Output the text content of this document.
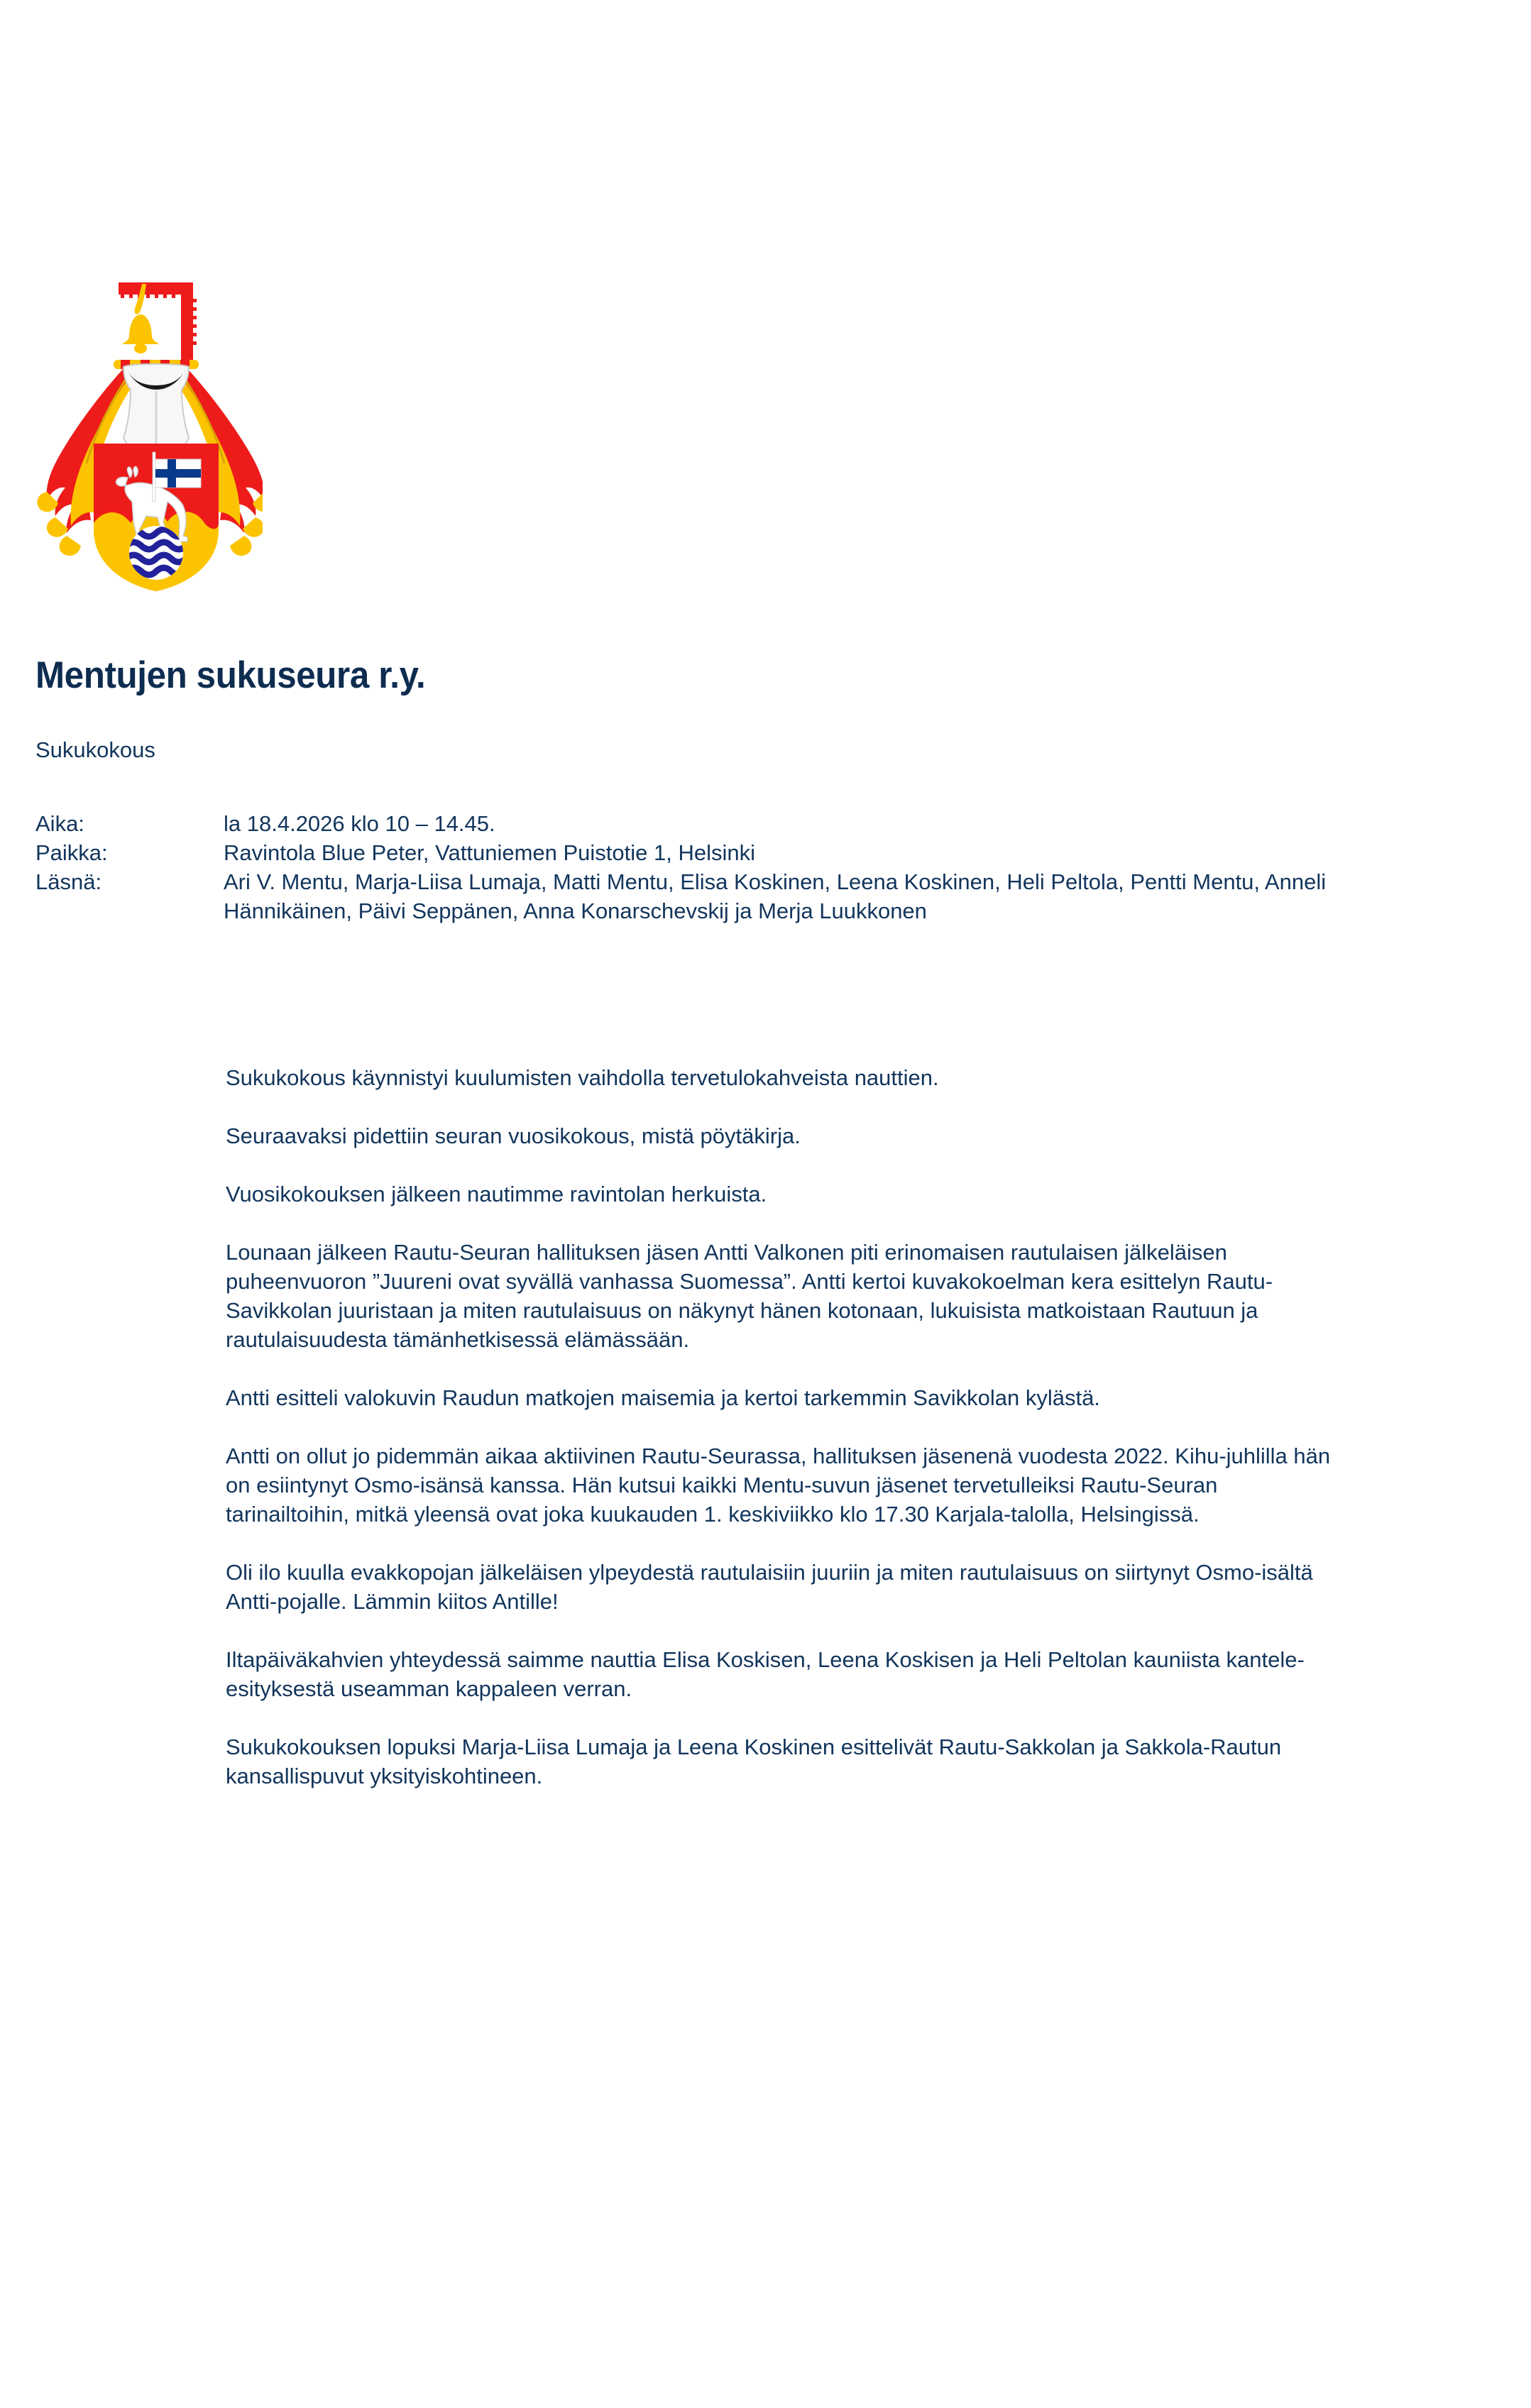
Mentujen sukuseura r.y.
Sukukokous
Aika:	la 18.4.2026 klo 10 – 14.45.
Paikka:	Ravintola Blue Peter, Vattuniemen Puistotie 1, Helsinki
Läsnä:	Ari V. Mentu, Marja-Liisa Lumaja, Matti Mentu, Elisa Koskinen, Leena Koskinen, Heli Peltola, Pentti Mentu, Anneli Hännikäinen, Päivi Seppänen, Anna Konarschevskij ja Merja Luukkonen

Sukukokous käynnistyi kuulumisten vaihdolla tervetulokahveista nauttien.

Seuraavaksi pidettiin seuran vuosikokous, mistä pöytäkirja.

Vuosikokouksen jälkeen nautimme ravintolan herkuista.

Lounaan jälkeen Rautu-Seuran hallituksen jäsen Antti Valkonen piti erinomaisen rautulaisen jälkeläisen puheenvuoron ”Juureni ovat syvällä vanhassa Suomessa”. Antti kertoi kuvakokoelman kera esittelyn Rautu-Savikkolan juuristaan ja miten rautulaisuus on näkynyt hänen kotonaan, lukuisista matkoistaan Rautuun ja rautulaisuudesta tämänhetkisessä elämässään.

Antti esitteli valokuvin Raudun matkojen maisemia ja kertoi tarkemmin Savikkolan kylästä.

Antti on ollut jo pidemmän aikaa aktiivinen Rautu-Seurassa, hallituksen jäsenenä vuodesta 2022. Kihu-juhlilla hän on esiintynyt Osmo-isänsä kanssa. Hän kutsui kaikki Mentu-suvun jäsenet tervetulleiksi Rautu-Seuran tarinailtoihin, mitkä yleensä ovat joka kuukauden 1. keskiviikko klo 17.30 Karjala-talolla, Helsingissä.

Oli ilo kuulla evakkopojan jälkeläisen ylpeydestä rautulaisiin juuriin ja miten rautulaisuus on siirtynyt Osmo-isältä Antti-pojalle. Lämmin kiitos Antille!

Iltapäiväkahvien yhteydessä saimme nauttia Elisa Koskisen, Leena Koskisen ja Heli Peltolan kauniista kantele-esityksestä useamman kappaleen verran.

Sukukokouksen lopuksi Marja-Liisa Lumaja ja Leena Koskinen esittelivät Rautu-Sakkolan ja Sakkola-Rautun kansallispuvut yksityiskohtineen.
